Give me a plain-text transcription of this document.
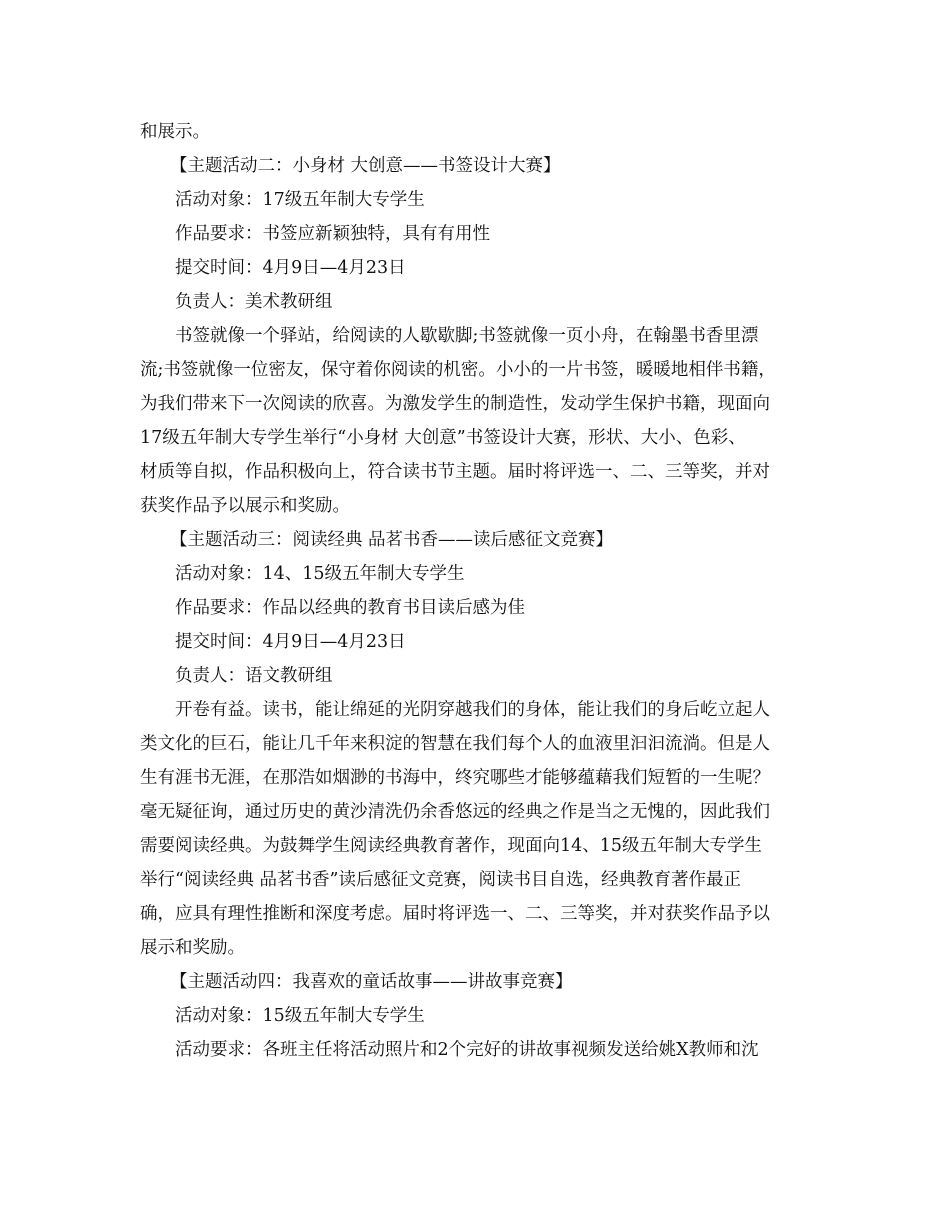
和展示。
【主题活动二：小身材 大创意——书签设计大赛】
活动对象：17级五年制大专学生
作品要求：书签应新颖独特，具有有用性
提交时间：4月9日—4月23日
负责人：美术教研组
书签就像一个驿站，给阅读的人歇歇脚;书签就像一页小舟，在翰墨书香里漂
流;书签就像一位密友，保守着你阅读的机密。小小的一片书签，暖暖地相伴书籍，
为我们带来下一次阅读的欣喜。为激发学生的制造性，发动学生保护书籍，现面向
17级五年制大专学生举行“小身材 大创意”书签设计大赛，形状、大小、色彩、
材质等自拟，作品积极向上，符合读书节主题。届时将评选一、二、三等奖，并对
获奖作品予以展示和奖励。
【主题活动三：阅读经典 品茗书香——读后感征文竞赛】
活动对象：14、15级五年制大专学生
作品要求：作品以经典的教育书目读后感为佳
提交时间：4月9日—4月23日
负责人：语文教研组
开卷有益。读书，能让绵延的光阴穿越我们的身体，能让我们的身后屹立起人
类文化的巨石，能让几千年来积淀的智慧在我们每个人的血液里汩汩流淌。但是人
生有涯书无涯，在那浩如烟渺的书海中，终究哪些才能够蕴藉我们短暂的一生呢？
毫无疑征询，通过历史的黄沙清洗仍余香悠远的经典之作是当之无愧的，因此我们
需要阅读经典。为鼓舞学生阅读经典教育著作，现面向14、15级五年制大专学生
举行“阅读经典 品茗书香”读后感征文竞赛，阅读书目自选，经典教育著作最正
确，应具有理性推断和深度考虑。届时将评选一、二、三等奖，并对获奖作品予以
展示和奖励。
【主题活动四：我喜欢的童话故事——讲故事竞赛】
活动对象：15级五年制大专学生
活动要求：各班主任将活动照片和2个完好的讲故事视频发送给姚X教师和沈
